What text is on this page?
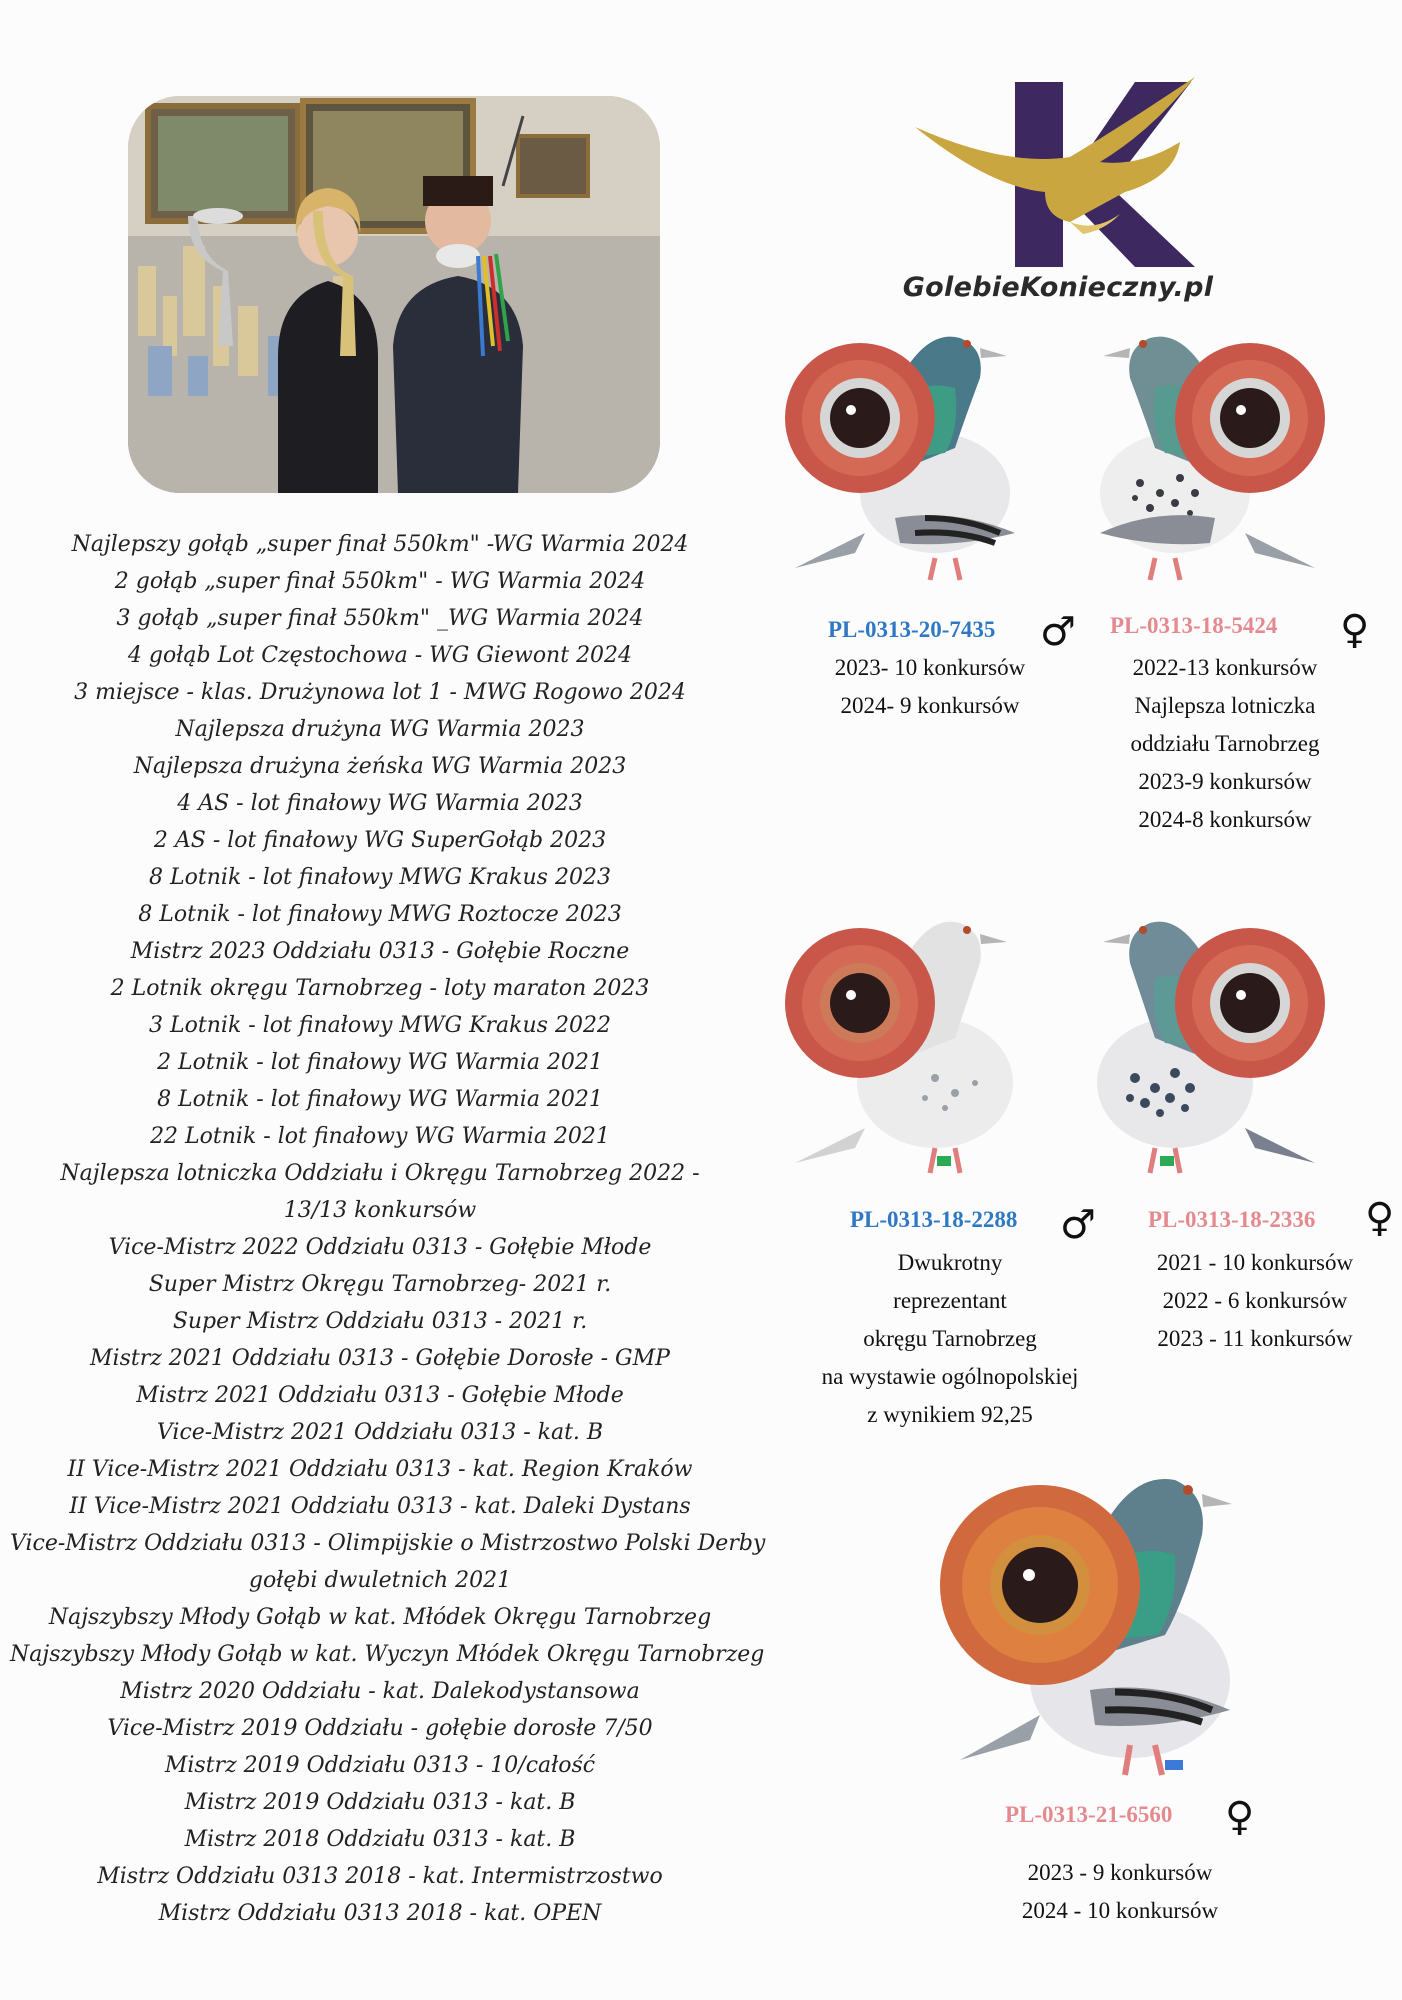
Najlepszy gołąb „super finał 550km" -WG Warmia 2024
2 gołąb „super finał 550km" - WG Warmia 2024
3 gołąb „super finał 550km" _WG Warmia 2024
4 gołąb Lot Częstochowa - WG Giewont 2024
3 miejsce - klas. Drużynowa lot 1 - MWG Rogowo 2024
Najlepsza drużyna WG Warmia 2023
Najlepsza drużyna żeńska WG Warmia 2023
4 AS - lot finałowy WG Warmia 2023
2 AS - lot finałowy WG SuperGołąb 2023
8 Lotnik - lot finałowy MWG Krakus 2023
8 Lotnik - lot finałowy MWG Roztocze 2023
Mistrz 2023 Oddziału 0313 - Gołębie Roczne
2 Lotnik okręgu Tarnobrzeg - loty maraton 2023
3 Lotnik - lot finałowy MWG Krakus 2022
2 Lotnik - lot finałowy WG Warmia 2021
8 Lotnik - lot finałowy WG Warmia 2021
22 Lotnik - lot finałowy WG Warmia 2021
Najlepsza lotniczka Oddziału i Okręgu Tarnobrzeg 2022 -
13/13 konkursów
Vice-Mistrz 2022 Oddziału 0313 - Gołębie Młode
Super Mistrz Okręgu Tarnobrzeg- 2021 r.
Super Mistrz Oddziału 0313 - 2021 r.
Mistrz 2021 Oddziału 0313 - Gołębie Dorosłe - GMP
Mistrz 2021 Oddziału 0313 - Gołębie Młode
Vice-Mistrz 2021 Oddziału 0313 - kat. B
II Vice-Mistrz 2021 Oddziału 0313 - kat. Region Kraków
II Vice-Mistrz 2021 Oddziału 0313 - kat. Daleki Dystans
Vice-Mistrz Oddziału 0313 - Olimpijskie o Mistrzostwo Polski Derby
gołębi dwuletnich 2021
Najszybszy Młody Gołąb w kat. Młódek Okręgu Tarnobrzeg
Najszybszy Młody Gołąb w kat. Wyczyn Młódek Okręgu Tarnobrzeg
Mistrz 2020 Oddziału - kat. Dalekodystansowa
Vice-Mistrz 2019 Oddziału - gołębie dorosłe 7/50
Mistrz 2019 Oddziału 0313 - 10/całość
Mistrz 2019 Oddziału 0313 - kat. B
Mistrz 2018 Oddziału 0313 - kat. B
Mistrz Oddziału 0313 2018 - kat. Intermistrzostwo
Mistrz Oddziału 0313 2018 - kat. OPEN
GolebieKonieczny.pl
PL-0313-20-7435 ♂
2023- 10 konkursów
2024- 9 konkursów
PL-0313-18-5424 ♀
2022-13 konkursów
Najlepsza lotniczka
oddziału Tarnobrzeg
2023-9 konkursów
2024-8 konkursów
PL-0313-18-2288 ♂
Dwukrotny
reprezentant
okręgu Tarnobrzeg
na wystawie ogólnopolskiej
z wynikiem 92,25
PL-0313-18-2336 ♀
2021 - 10 konkursów
2022 - 6 konkursów
2023 - 11 konkursów
PL-0313-21-6560 ♀
2023 - 9 konkursów
2024 - 10 konkursów
